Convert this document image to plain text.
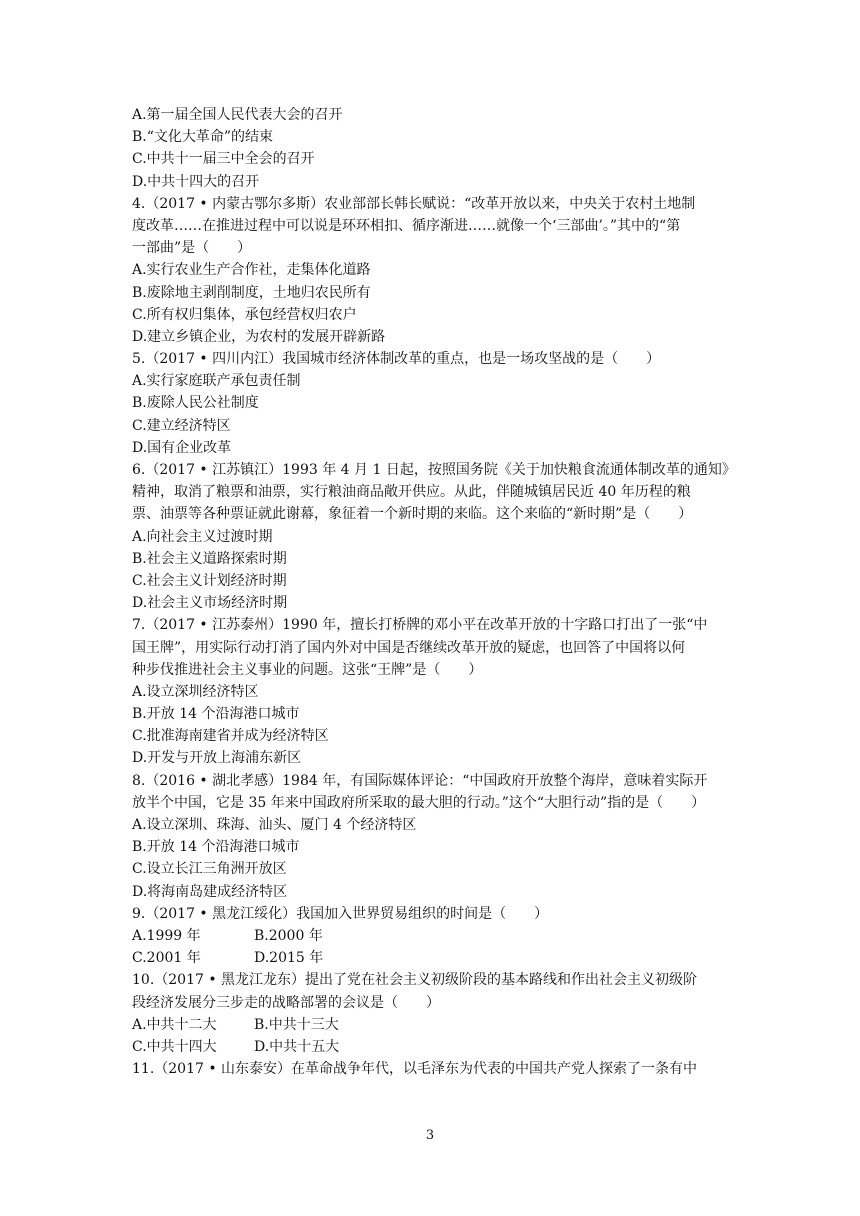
A.第一届全国人民代表大会的召开
B.“文化大革命”的结束
C.中共十一届三中全会的召开
D.中共十四大的召开
4.（2017 • 内蒙古鄂尔多斯）农业部部长韩长赋说：“改革开放以来，中央关于农村土地制
度改革……在推进过程中可以说是环环相扣、循序渐进……就像一个‘三部曲’。”其中的“第
一部曲”是（　　）
A.实行农业生产合作社，走集体化道路
B.废除地主剥削制度，土地归农民所有
C.所有权归集体，承包经营权归农户
D.建立乡镇企业，为农村的发展开辟新路
5.（2017 • 四川内江）我国城市经济体制改革的重点，也是一场攻坚战的是（　　）
A.实行家庭联产承包责任制
B.废除人民公社制度
C.建立经济特区
D.国有企业改革
6.（2017 • 江苏镇江）1993 年 4 月 1 日起，按照国务院《关于加快粮食流通体制改革的通知》
精神，取消了粮票和油票，实行粮油商品敞开供应。从此，伴随城镇居民近 40 年历程的粮
票、油票等各种票证就此谢幕，象征着一个新时期的来临。这个来临的“新时期”是（　　）
A.向社会主义过渡时期
B.社会主义道路探索时期
C.社会主义计划经济时期
D.社会主义市场经济时期
7.（2017 • 江苏泰州）1990 年，擅长打桥牌的邓小平在改革开放的十字路口打出了一张“中
国王牌”，用实际行动打消了国内外对中国是否继续改革开放的疑虑，也回答了中国将以何
种步伐推进社会主义事业的问题。这张“王牌”是（　　）
A.设立深圳经济特区
B.开放 14 个沿海港口城市
C.批准海南建省并成为经济特区
D.开发与开放上海浦东新区
8.（2016 • 湖北孝感）1984 年，有国际媒体评论：“中国政府开放整个海岸，意味着实际开
放半个中国，它是 35 年来中国政府所采取的最大胆的行动。”这个“大胆行动”指的是（　　）
A.设立深圳、珠海、汕头、厦门 4 个经济特区
B.开放 14 个沿海港口城市
C.设立长江三角洲开放区
D.将海南岛建成经济特区
9.（2017 • 黑龙江绥化）我国加入世界贸易组织的时间是（　　）
A.1999 年	B.2000 年
C.2001 年	D.2015 年
10.（2017 • 黑龙江龙东）提出了党在社会主义初级阶段的基本路线和作出社会主义初级阶
段经济发展分三步走的战略部署的会议是（　　）
A.中共十二大	B.中共十三大
C.中共十四大	D.中共十五大
11.（2017 • 山东泰安）在革命战争年代，以毛泽东为代表的中国共产党人探索了一条有中
3
